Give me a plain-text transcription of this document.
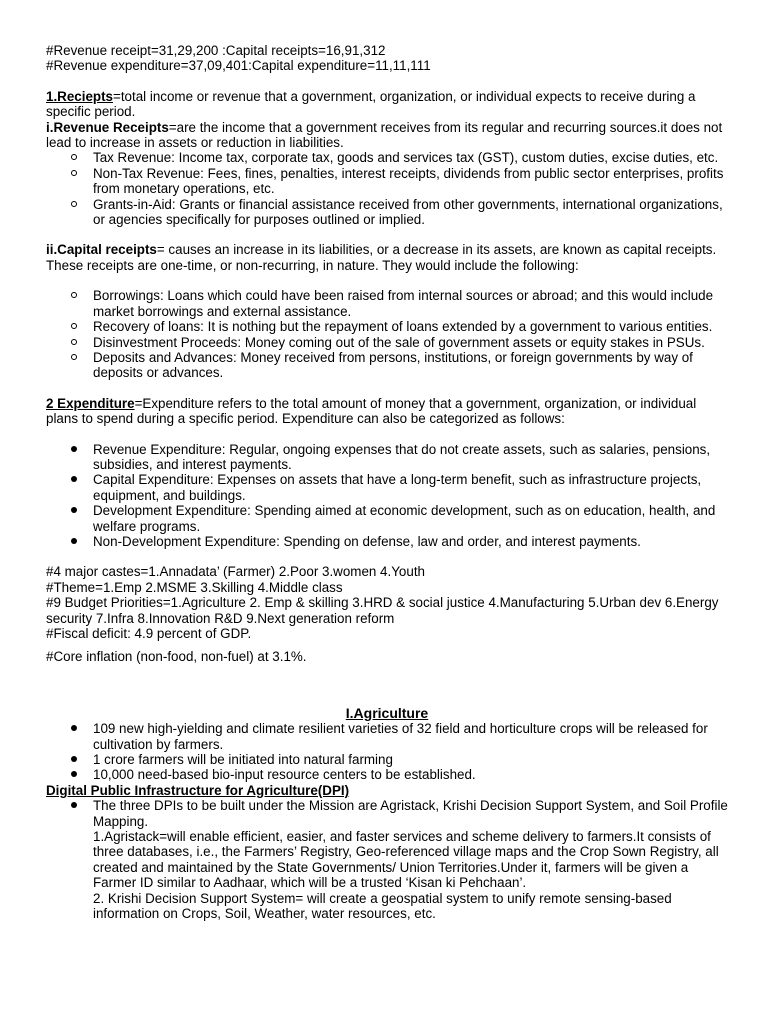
#Revenue receipt=31,29,200 :Capital receipts=16,91,312

#Revenue expenditure=37,09,401:Capital expenditure=11,11,111

1.Reciepts=total income or revenue that a government, organization, or individual expects to receive during a specific period.

i.Revenue Receipts=are the income that a government receives from its regular and recurring sources.it does not lead to increase in assets or reduction in liabilities.

Tax Revenue: Income tax, corporate tax, goods and services tax (GST), custom duties, excise duties, etc.
Non-Tax Revenue: Fees, fines, penalties, interest receipts, dividends from public sector enterprises, profits from monetary operations, etc.
Grants-in-Aid: Grants or financial assistance received from other governments, international organizations, or agencies specifically for purposes outlined or implied.

ii.Capital receipts= causes an increase in its liabilities, or a decrease in its assets, are known as capital receipts. These receipts are one-time, or non-recurring, in nature. They would include the following:

Borrowings: Loans which could have been raised from internal sources or abroad; and this would include market borrowings and external assistance.
Recovery of loans: It is nothing but the repayment of loans extended by a government to various entities.
Disinvestment Proceeds: Money coming out of the sale of government assets or equity stakes in PSUs.
Deposits and Advances: Money received from persons, institutions, or foreign governments by way of deposits or advances.

2 Expenditure=Expenditure refers to the total amount of money that a government, organization, or individual plans to spend during a specific period. Expenditure can also be categorized as follows:

Revenue Expenditure: Regular, ongoing expenses that do not create assets, such as salaries, pensions, subsidies, and interest payments.
Capital Expenditure: Expenses on assets that have a long-term benefit, such as infrastructure projects, equipment, and buildings.
Development Expenditure: Spending aimed at economic development, such as on education, health, and welfare programs.
Non-Development Expenditure: Spending on defense, law and order, and interest payments.

#4 major castes=1.Annadata’ (Farmer) 2.Poor 3.women 4.Youth

#Theme=1.Emp 2.MSME 3.Skilling 4.Middle class

#9 Budget Priorities=1.Agriculture 2. Emp & skilling 3.HRD & social justice 4.Manufacturing 5.Urban dev 6.Energy security 7.Infra 8.Innovation R&D 9.Next generation reform

#Fiscal deficit: 4.9 percent of GDP.

#Core inflation (non-food, non-fuel) at 3.1%.

I.Agriculture

109 new high-yielding and climate resilient varieties of 32 field and horticulture crops will be released for cultivation by farmers.
1 crore farmers will be initiated into natural farming
10,000 need-based bio-input resource centers to be established.

Digital Public Infrastructure for Agriculture(DPI)

The three DPIs to be built under the Mission are Agristack, Krishi Decision Support System, and Soil Profile Mapping.

1.Agristack=will enable efficient, easier, and faster services and scheme delivery to farmers.It consists of three databases, i.e., the Farmers’ Registry, Geo-referenced village maps and the Crop Sown Registry, all created and maintained by the State Governments/ Union Territories.Under it, farmers will be given a Farmer ID similar to Aadhaar, which will be a trusted ‘Kisan ki Pehchaan’.

2. Krishi Decision Support System= will create a geospatial system to unify remote sensing-based information on Crops, Soil, Weather, water resources, etc.
